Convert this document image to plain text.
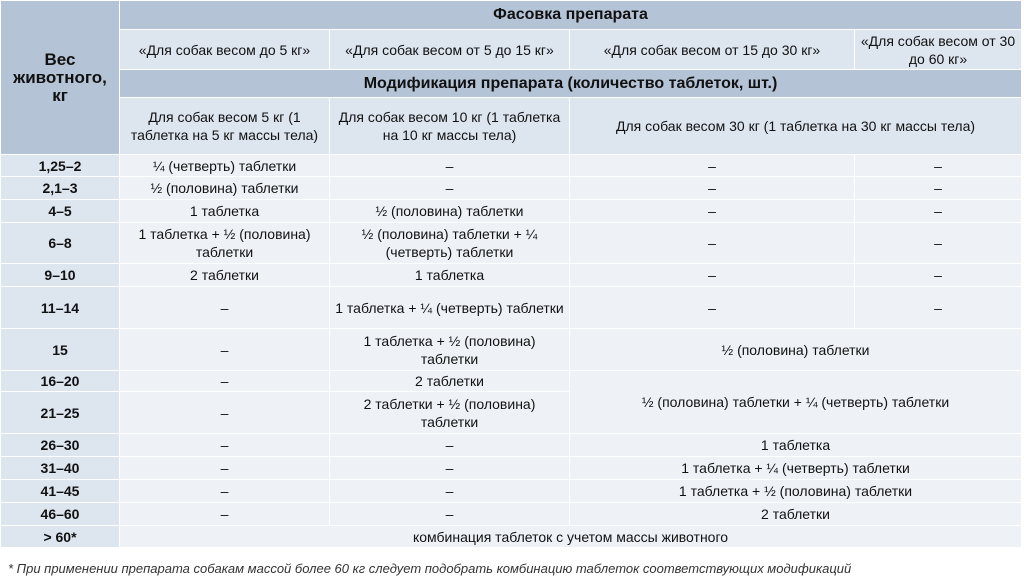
Вес животного, кг	Фасовка препарата			
	«Для собак весом до 5 кг»	«Для собак весом от 5 до 15 кг»	«Для собак весом от 15 до 30 кг»	«Для собак весом от 30 до 60 кг»
	Модификация препарата (количество таблеток, шт.)			
	Для собак весом 5 кг (1 таблетка на 5 кг массы тела)	Для собак весом 10 кг (1 таблетка на 10 кг массы тела)	Для собак весом 30 кг (1 таблетка на 30 кг массы тела)	
1,25–2	¼ (четверть) таблетки	–	–	–
2,1–3	½ (половина) таблетки	–	–	–
4–5	1 таблетка	½ (половина) таблетки	–	–
6–8	1 таблетка + ½ (половина) таблетки	½ (половина) таблетки + ¼ (четверть) таблетки	–	–
9–10	2 таблетки	1 таблетка	–	–
11–14	–	1 таблетка + ¼ (четверть) таблетки	–	–
15	–	1 таблетка + ½ (половина) таблетки	½ (половина) таблетки	
16–20	–	2 таблетки	½ (половина) таблетки + ¼ (четверть) таблетки	
21–25	–	2 таблетки + ½ (половина) таблетки		
26–30	–	–	1 таблетка	
31–40	–	–	1 таблетка + ¼ (четверть) таблетки	
41–45	–	–	1 таблетка + ½ (половина) таблетки	
46–60	–	–	2 таблетки	
> 60*	комбинация таблеток с учетом массы животного			
* При применении препарата собакам массой более 60 кг следует подобрать комбинацию таблеток соответствующих модификаций
